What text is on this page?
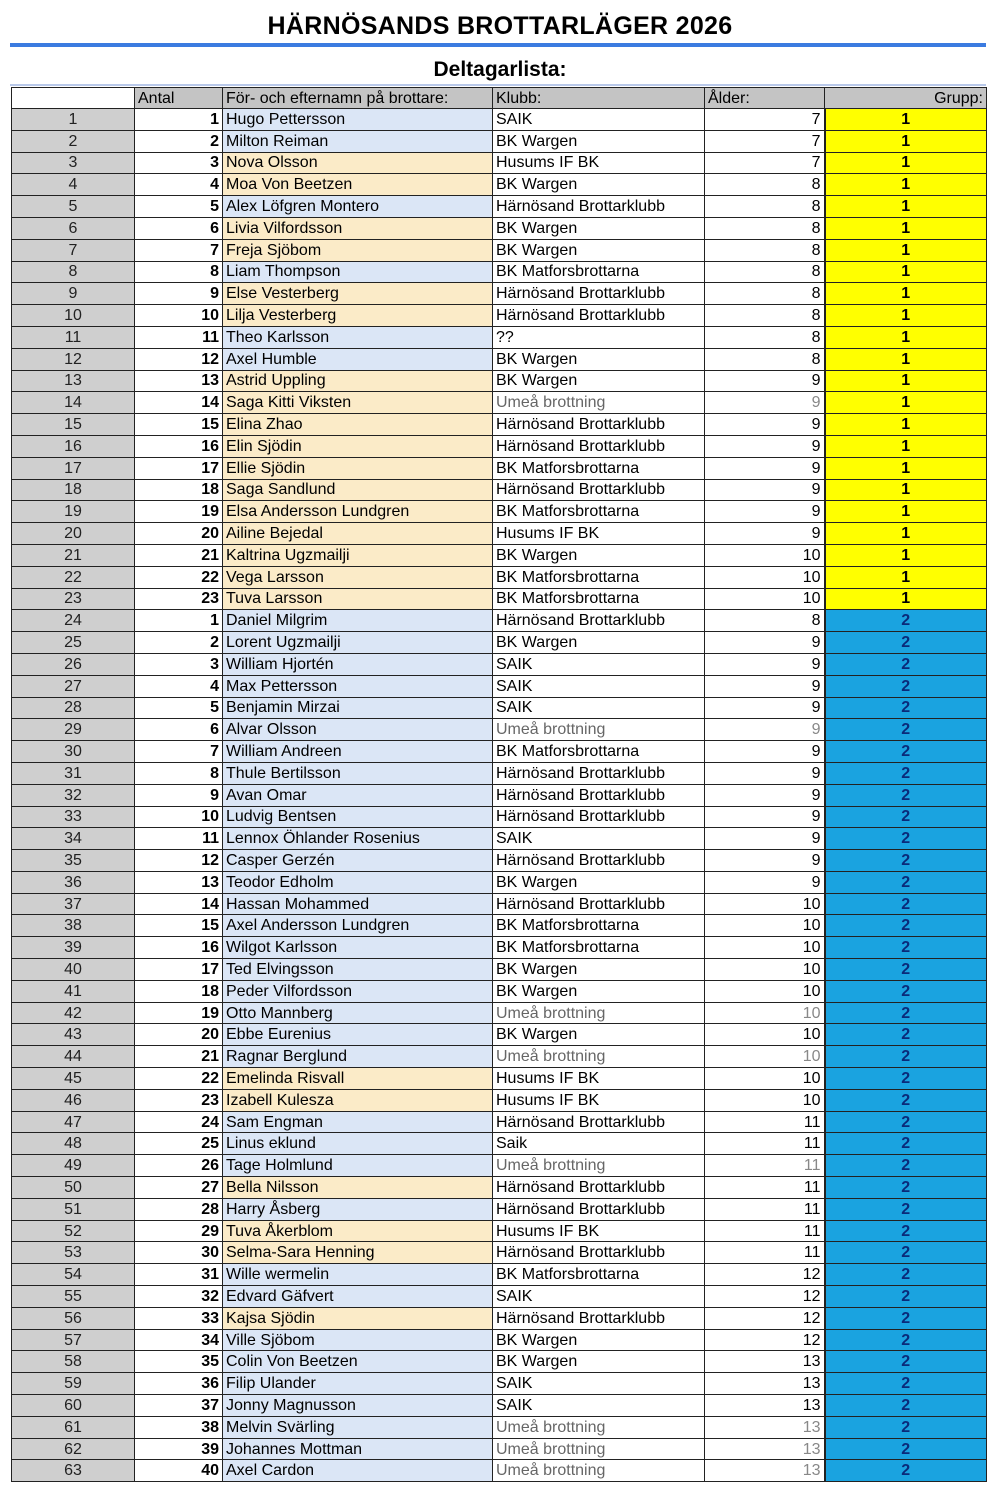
HÄRNÖSANDS BROTTARLÄGER 2026
Deltagarlista:
	Antal	För- och efternamn på brottare:	Klubb:	Ålder:	Grupp:
1	1	Hugo Pettersson	SAIK	7	1
2	2	Milton Reiman	BK Wargen	7	1
3	3	Nova Olsson	Husums IF BK	7	1
4	4	Moa Von Beetzen	BK Wargen	8	1
5	5	Alex Löfgren Montero	Härnösand Brottarklubb	8	1
6	6	Livia Vilfordsson	BK Wargen	8	1
7	7	Freja Sjöbom	BK Wargen	8	1
8	8	Liam Thompson	BK Matforsbrottarna	8	1
9	9	Else Vesterberg	Härnösand Brottarklubb	8	1
10	10	Lilja Vesterberg	Härnösand Brottarklubb	8	1
11	11	Theo Karlsson	??	8	1
12	12	Axel Humble	BK Wargen	8	1
13	13	Astrid Uppling	BK Wargen	9	1
14	14	Saga Kitti Viksten	Umeå brottning	9	1
15	15	Elina Zhao	Härnösand Brottarklubb	9	1
16	16	Elin Sjödin	Härnösand Brottarklubb	9	1
17	17	Ellie Sjödin	BK Matforsbrottarna	9	1
18	18	Saga Sandlund	Härnösand Brottarklubb	9	1
19	19	Elsa Andersson Lundgren	BK Matforsbrottarna	9	1
20	20	Ailine Bejedal	Husums IF BK	9	1
21	21	Kaltrina Ugzmailji	BK Wargen	10	1
22	22	Vega Larsson	BK Matforsbrottarna	10	1
23	23	Tuva Larsson	BK Matforsbrottarna	10	1
24	1	Daniel Milgrim	Härnösand Brottarklubb	8	2
25	2	Lorent Ugzmailji	BK Wargen	9	2
26	3	William Hjortén	SAIK	9	2
27	4	Max Pettersson	SAIK	9	2
28	5	Benjamin Mirzai	SAIK	9	2
29	6	Alvar Olsson	Umeå brottning	9	2
30	7	William Andreen	BK Matforsbrottarna	9	2
31	8	Thule Bertilsson	Härnösand Brottarklubb	9	2
32	9	Avan Omar	Härnösand Brottarklubb	9	2
33	10	Ludvig Bentsen	Härnösand Brottarklubb	9	2
34	11	Lennox Öhlander Rosenius	SAIK	9	2
35	12	Casper Gerzén	Härnösand Brottarklubb	9	2
36	13	Teodor Edholm	BK Wargen	9	2
37	14	Hassan Mohammed	Härnösand Brottarklubb	10	2
38	15	Axel Andersson Lundgren	BK Matforsbrottarna	10	2
39	16	Wilgot Karlsson	BK Matforsbrottarna	10	2
40	17	Ted Elvingsson	BK Wargen	10	2
41	18	Peder Vilfordsson	BK Wargen	10	2
42	19	Otto Mannberg	Umeå brottning	10	2
43	20	Ebbe Eurenius	BK Wargen	10	2
44	21	Ragnar Berglund	Umeå brottning	10	2
45	22	Emelinda Risvall	Husums IF BK	10	2
46	23	Izabell Kulesza	Husums IF BK	10	2
47	24	Sam Engman	Härnösand Brottarklubb	11	2
48	25	Linus eklund	Saik	11	2
49	26	Tage Holmlund	Umeå brottning	11	2
50	27	Bella Nilsson	Härnösand Brottarklubb	11	2
51	28	Harry Åsberg	Härnösand Brottarklubb	11	2
52	29	Tuva Åkerblom	Husums IF BK	11	2
53	30	Selma-Sara Henning	Härnösand Brottarklubb	11	2
54	31	Wille wermelin	BK Matforsbrottarna	12	2
55	32	Edvard Gäfvert	SAIK	12	2
56	33	Kajsa Sjödin	Härnösand Brottarklubb	12	2
57	34	Ville Sjöbom	BK Wargen	12	2
58	35	Colin Von Beetzen	BK Wargen	13	2
59	36	Filip Ulander	SAIK	13	2
60	37	Jonny Magnusson	SAIK	13	2
61	38	Melvin Svärling	Umeå brottning	13	2
62	39	Johannes Mottman	Umeå brottning	13	2
63	40	Axel Cardon	Umeå brottning	13	2
